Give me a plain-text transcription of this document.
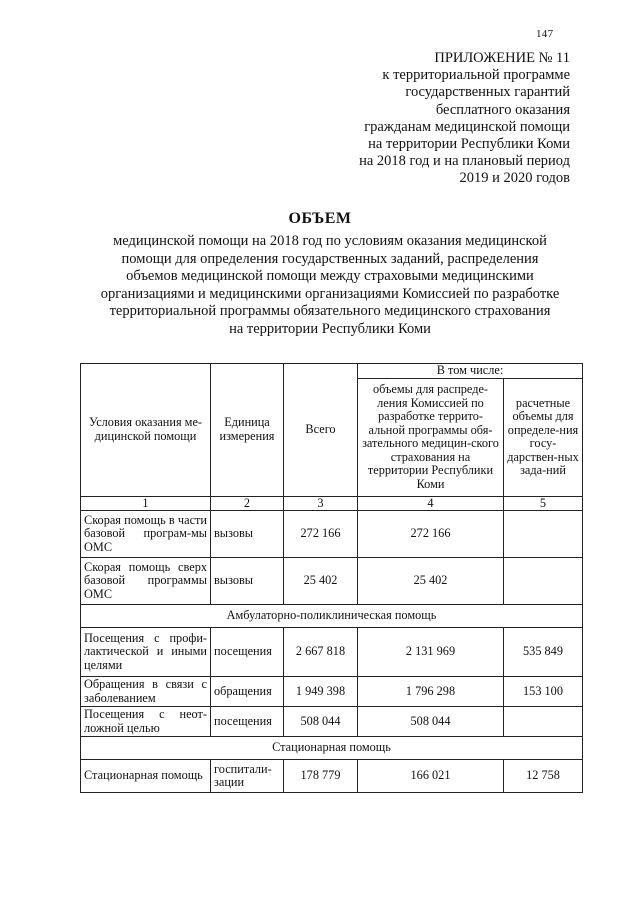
147
ПРИЛОЖЕНИЕ № 11
к территориальной программе
государственных гарантий
бесплатного оказания
гражданам медицинской помощи
на территории Республики Коми
на 2018 год и на плановый период
2019 и 2020 годов
ОБЪЕМ
медицинской помощи на 2018 год по условиям оказания медицинской
помощи для определения государственных заданий, распределения
объемов медицинской помощи между страховыми медицинскими
организациями и медицинскими организациями Комиссией по разработке
территориальной программы обязательного медицинского страхования
на территории Республики Коми
Условия оказания ме-дицинской помощи	Единица измерения	Всего	В том числе:	
			объемы для распреде-ления Комиссией по разработке террито-альной программы обя-зательного медицин-ского страхования на территории Республики Коми	расчетные объемы для определе-ния госу-дарствен-ных зада-ний
1	2	3	4	5
Скорая помощь в части базовой програм-мы ОМС	вызовы	272 166	272 166	
Скорая помощь сверх базовой программы ОМС	вызовы	25 402	25 402	
Амбулаторно-поликлиническая помощь				
Посещения с профи-лактической и иными целями	посещения	2 667 818	2 131 969	535 849
Обращения в связи с заболеванием	обращения	1 949 398	1 796 298	153 100
Посещения с неот-ложной целью	посещения	508 044	508 044	
Стационарная помощь				
Стационарная помощь	госпитали-зации	178 779	166 021	12 758
